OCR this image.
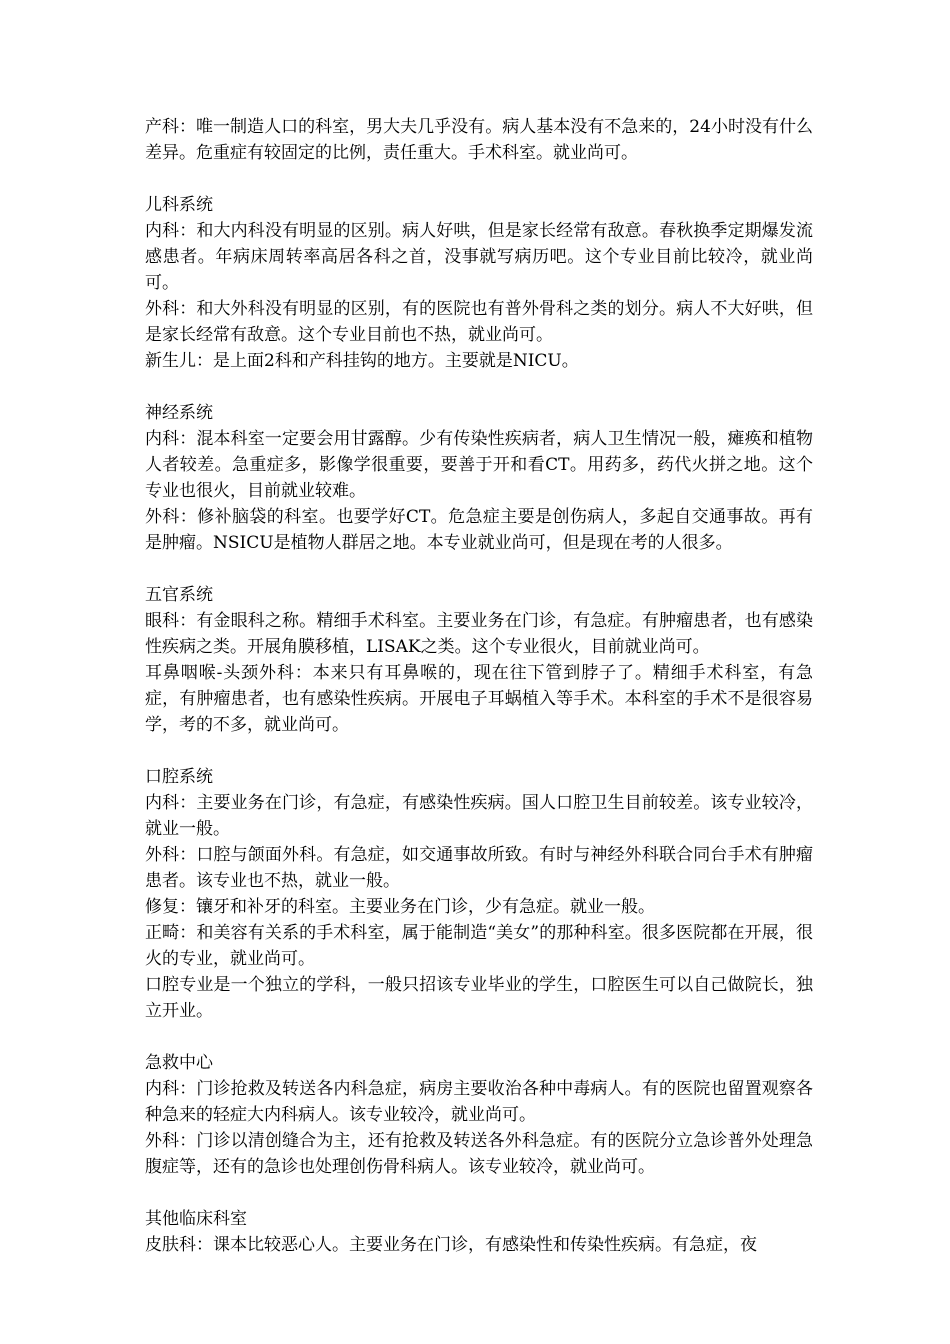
产科：唯一制造人口的科室，男大夫几乎没有。病人基本没有不急来的，24小时没有什么差异。危重症有较固定的比例，责任重大。手术科室。就业尚可。

儿科系统

内科：和大内科没有明显的区别。病人好哄，但是家长经常有敌意。春秋换季定期爆发流感患者。年病床周转率高居各科之首，没事就写病历吧。这个专业目前比较冷，就业尚可。

外科：和大外科没有明显的区别，有的医院也有普外骨科之类的划分。病人不大好哄，但是家长经常有敌意。这个专业目前也不热，就业尚可。

新生儿：是上面2科和产科挂钩的地方。主要就是NICU。

神经系统

内科：混本科室一定要会用甘露醇。少有传染性疾病者，病人卫生情况一般，瘫痪和植物人者较差。急重症多，影像学很重要，要善于开和看CT。用药多，药代火拼之地。这个专业也很火，目前就业较难。

外科：修补脑袋的科室。也要学好CT。危急症主要是创伤病人，多起自交通事故。再有是肿瘤。NSICU是植物人群居之地。本专业就业尚可，但是现在考的人很多。

五官系统

眼科：有金眼科之称。精细手术科室。主要业务在门诊，有急症。有肿瘤患者，也有感染性疾病之类。开展角膜移植，LISAK之类。这个专业很火，目前就业尚可。

耳鼻咽喉-头颈外科：本来只有耳鼻喉的，现在往下管到脖子了。精细手术科室，有急症，有肿瘤患者，也有感染性疾病。开展电子耳蜗植入等手术。本科室的手术不是很容易学，考的不多，就业尚可。

口腔系统

内科：主要业务在门诊，有急症，有感染性疾病。国人口腔卫生目前较差。该专业较冷，就业一般。

外科：口腔与颌面外科。有急症，如交通事故所致。有时与神经外科联合同台手术有肿瘤患者。该专业也不热，就业一般。

修复：镶牙和补牙的科室。主要业务在门诊，少有急症。就业一般。

正畸：和美容有关系的手术科室，属于能制造“美女”的那种科室。很多医院都在开展，很火的专业，就业尚可。

口腔专业是一个独立的学科，一般只招该专业毕业的学生，口腔医生可以自己做院长，独立开业。

急救中心

内科：门诊抢救及转送各内科急症，病房主要收治各种中毒病人。有的医院也留置观察各种急来的轻症大内科病人。该专业较冷，就业尚可。

外科：门诊以清创缝合为主，还有抢救及转送各外科急症。有的医院分立急诊普外处理急腹症等，还有的急诊也处理创伤骨科病人。该专业较冷，就业尚可。

其他临床科室

皮肤科：课本比较恶心人。主要业务在门诊，有感染性和传染性疾病。有急症，夜
